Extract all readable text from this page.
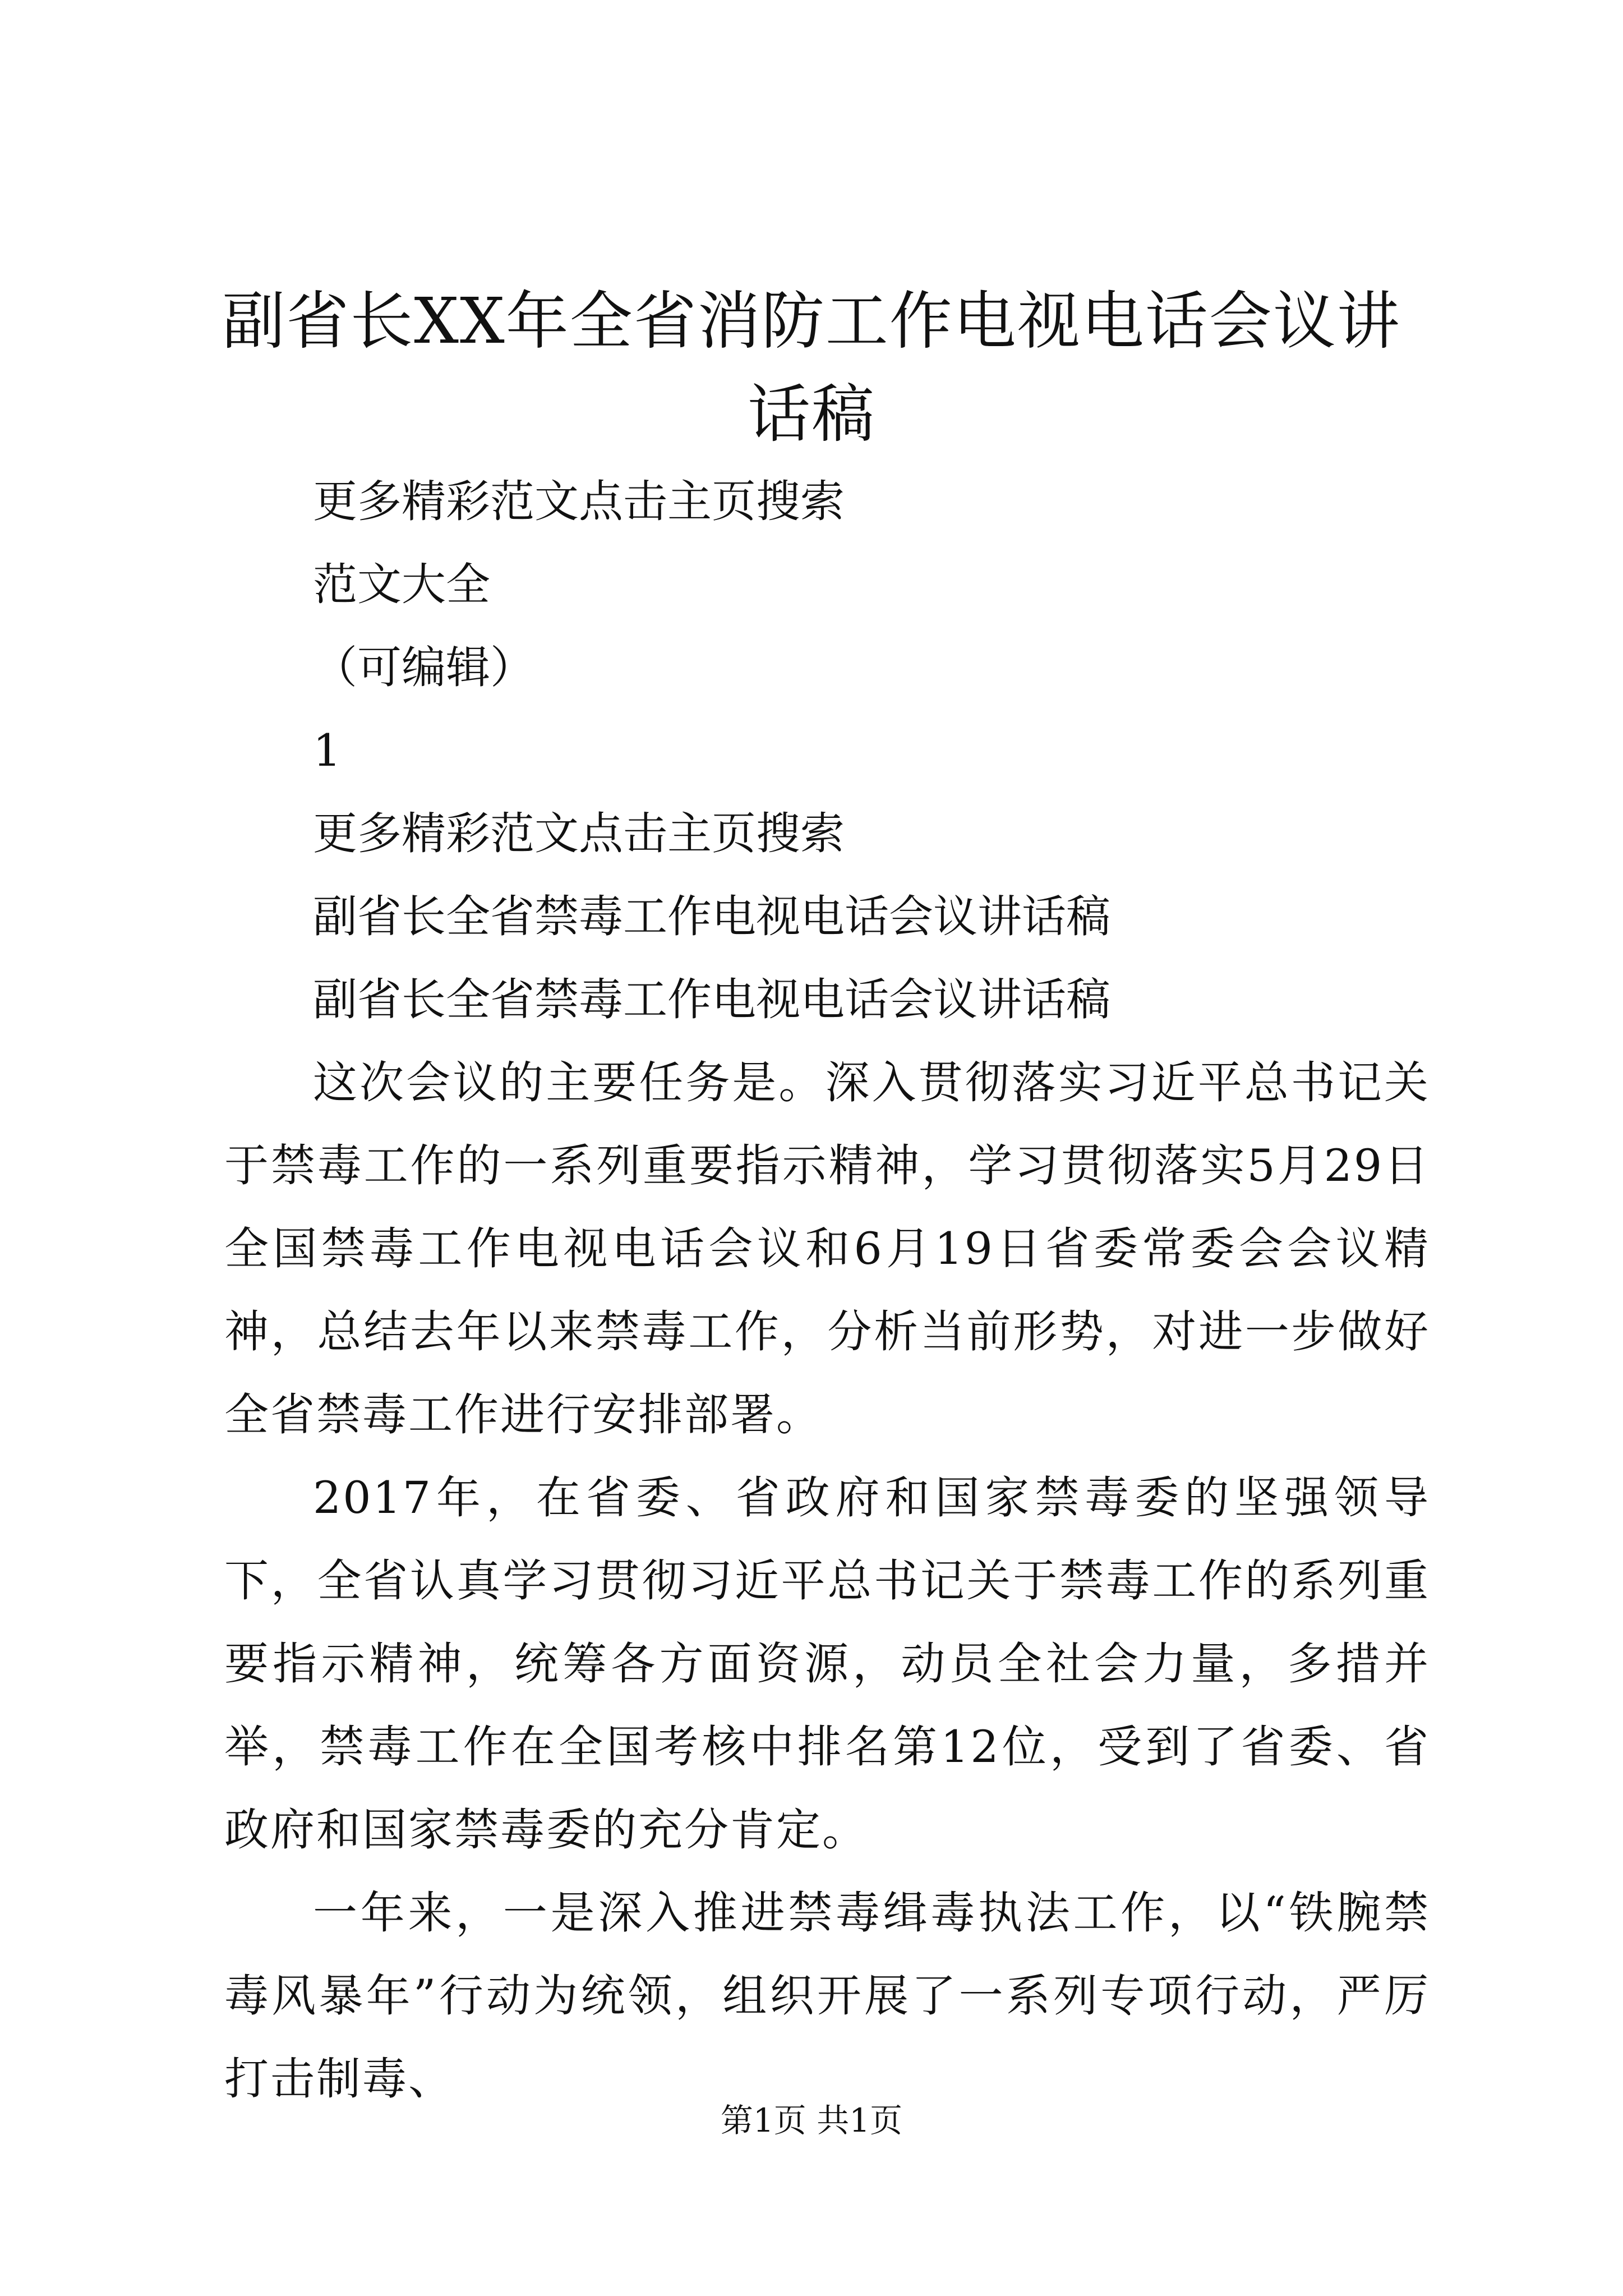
副省长XX年全省消防工作电视电话会议讲话稿

更多精彩范文点击主页搜索

范文大全

（可编辑）

1

更多精彩范文点击主页搜索

副省长全省禁毒工作电视电话会议讲话稿

副省长全省禁毒工作电视电话会议讲话稿

这次会议的主要任务是。深入贯彻落实习近平总书记关于禁毒工作的一系列重要指示精神，学习贯彻落实5月29日全国禁毒工作电视电话会议和6月19日省委常委会会议精神，总结去年以来禁毒工作，分析当前形势，对进一步做好全省禁毒工作进行安排部署。

2017年，在省委、省政府和国家禁毒委的坚强领导下，全省认真学习贯彻习近平总书记关于禁毒工作的系列重要指示精神，统筹各方面资源，动员全社会力量，多措并举，禁毒工作在全国考核中排名第12位，受到了省委、省政府和国家禁毒委的充分肯定。

一年来，一是深入推进禁毒缉毒执法工作，以“铁腕禁毒风暴年”行动为统领，组织开展了一系列专项行动，严厉打击制毒、

第1页 共1页
